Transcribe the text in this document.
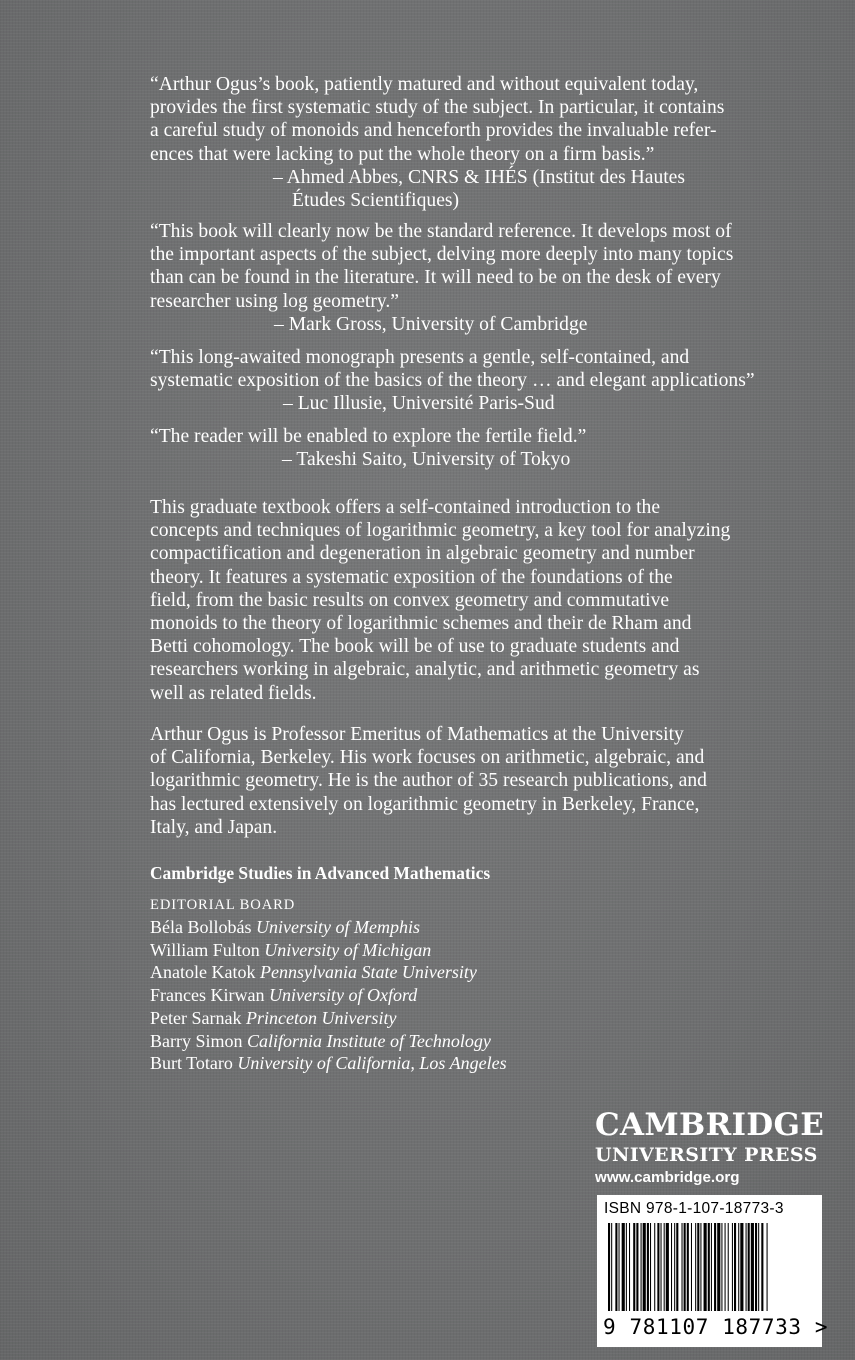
“Arthur Ogus’s book, patiently matured and without equivalent today,
provides the first systematic study of the subject. In particular, it contains
a careful study of monoids and henceforth provides the invaluable refer-
ences that were lacking to put the whole theory on a firm basis.”
– Ahmed Abbes, CNRS & IHÉS (Institut des Hautes
Études Scientifiques)
“This book will clearly now be the standard reference. It develops most of
the important aspects of the subject, delving more deeply into many topics
than can be found in the literature. It will need to be on the desk of every
researcher using log geometry.”
– Mark Gross, University of Cambridge
“This long-awaited monograph presents a gentle, self-contained, and
systematic exposition of the basics of the theory … and elegant applications”
– Luc Illusie, Université Paris-Sud
“The reader will be enabled to explore the fertile field.”
– Takeshi Saito, University of Tokyo
This graduate textbook offers a self-contained introduction to the
concepts and techniques of logarithmic geometry, a key tool for analyzing
compactification and degeneration in algebraic geometry and number
theory. It features a systematic exposition of the foundations of the
field, from the basic results on convex geometry and commutative
monoids to the theory of logarithmic schemes and their de Rham and
Betti cohomology. The book will be of use to graduate students and
researchers working in algebraic, analytic, and arithmetic geometry as
well as related fields.
Arthur Ogus is Professor Emeritus of Mathematics at the University
of California, Berkeley. His work focuses on arithmetic, algebraic, and
logarithmic geometry. He is the author of 35 research publications, and
has lectured extensively on logarithmic geometry in Berkeley, France,
Italy, and Japan.
Cambridge Studies in Advanced Mathematics
EDITORIAL BOARD
Béla Bollobás University of Memphis
William Fulton University of Michigan
Anatole Katok Pennsylvania State University
Frances Kirwan University of Oxford
Peter Sarnak Princeton University
Barry Simon California Institute of Technology
Burt Totaro University of California, Los Angeles
CAMBRIDGE
UNIVERSITY PRESS
www.cambridge.org
ISBN 978-1-107-18773-3
9 781107 187733 >
